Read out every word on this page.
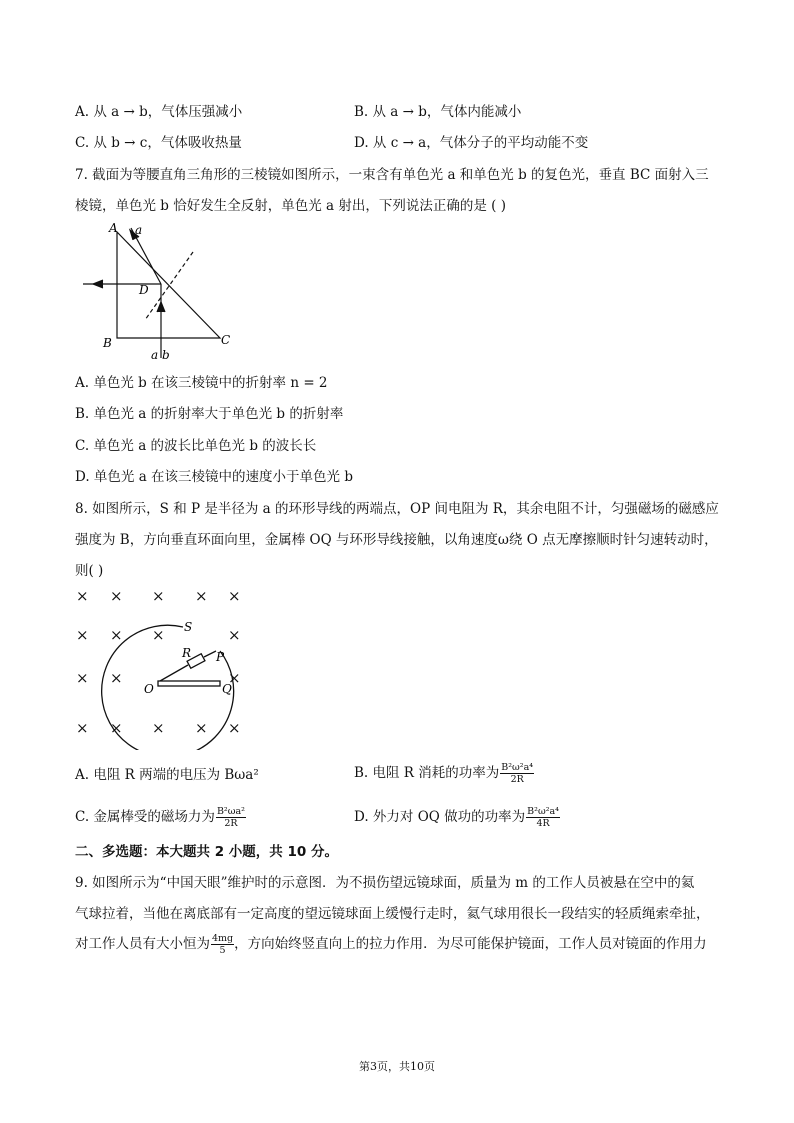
A. 从 a → b，气体压强减小	B. 从 a → b，气体内能减小
C. 从 b → c，气体吸收热量	D. 从 c → a，气体分子的平均动能不变
7. 截面为等腰直角三角形的三棱镜如图所示，一束含有单色光 a 和单色光 b 的复色光，垂直 BC 面射入三
棱镜，单色光 b 恰好发生全反射，单色光 a 射出，下列说法正确的是 ( )
A a
D
B	C
a b
A. 单色光 b 在该三棱镜中的折射率 n = 2
B. 单色光 a 的折射率大于单色光 b 的折射率
C. 单色光 a 的波长比单色光 b 的波长长
D. 单色光 a 在该三棱镜中的速度小于单色光 b
8. 如图所示，S 和 P 是半径为 a 的环形导线的两端点，OP 间电阻为 R，其余电阻不计，匀强磁场的磁感应
强度为 B，方向垂直环面向里，金属棒 OQ 与环形导线接触，以角速度ω绕 O 点无摩擦顺时针匀速转动时，
则( )
× × × × ×
× × ×	×
× ×	×
× × × × ×
S
R P
O	Q
A. 电阻 R 两端的电压为 Bωa²	B. 电阻 R 消耗的功率为 $\frac{\text{B²ω²a⁴}}{2R}$
C. 金属棒受的磁场力为 $\frac{\text{B²ωa²}}{2R}$	D. 外力对 OQ 做功的功率为 $\frac{\text{B²ω²a⁴}}{4R}$
二、多选题：本大题共 2 小题，共 10 分。
9. 如图所示为“中国天眼”维护时的示意图．为不损伤望远镜球面，质量为 m 的工作人员被悬在空中的氦
气球拉着，当他在离底部有一定高度的望远镜球面上缓慢行走时，氦气球用很长一段结实的轻质绳索牵扯，
对工作人员有大小恒为 $\frac{4mg}{5}$ ，方向始终竖直向上的拉力作用．为尽可能保护镜面，工作人员对镜面的作用力
第3页，共10页
